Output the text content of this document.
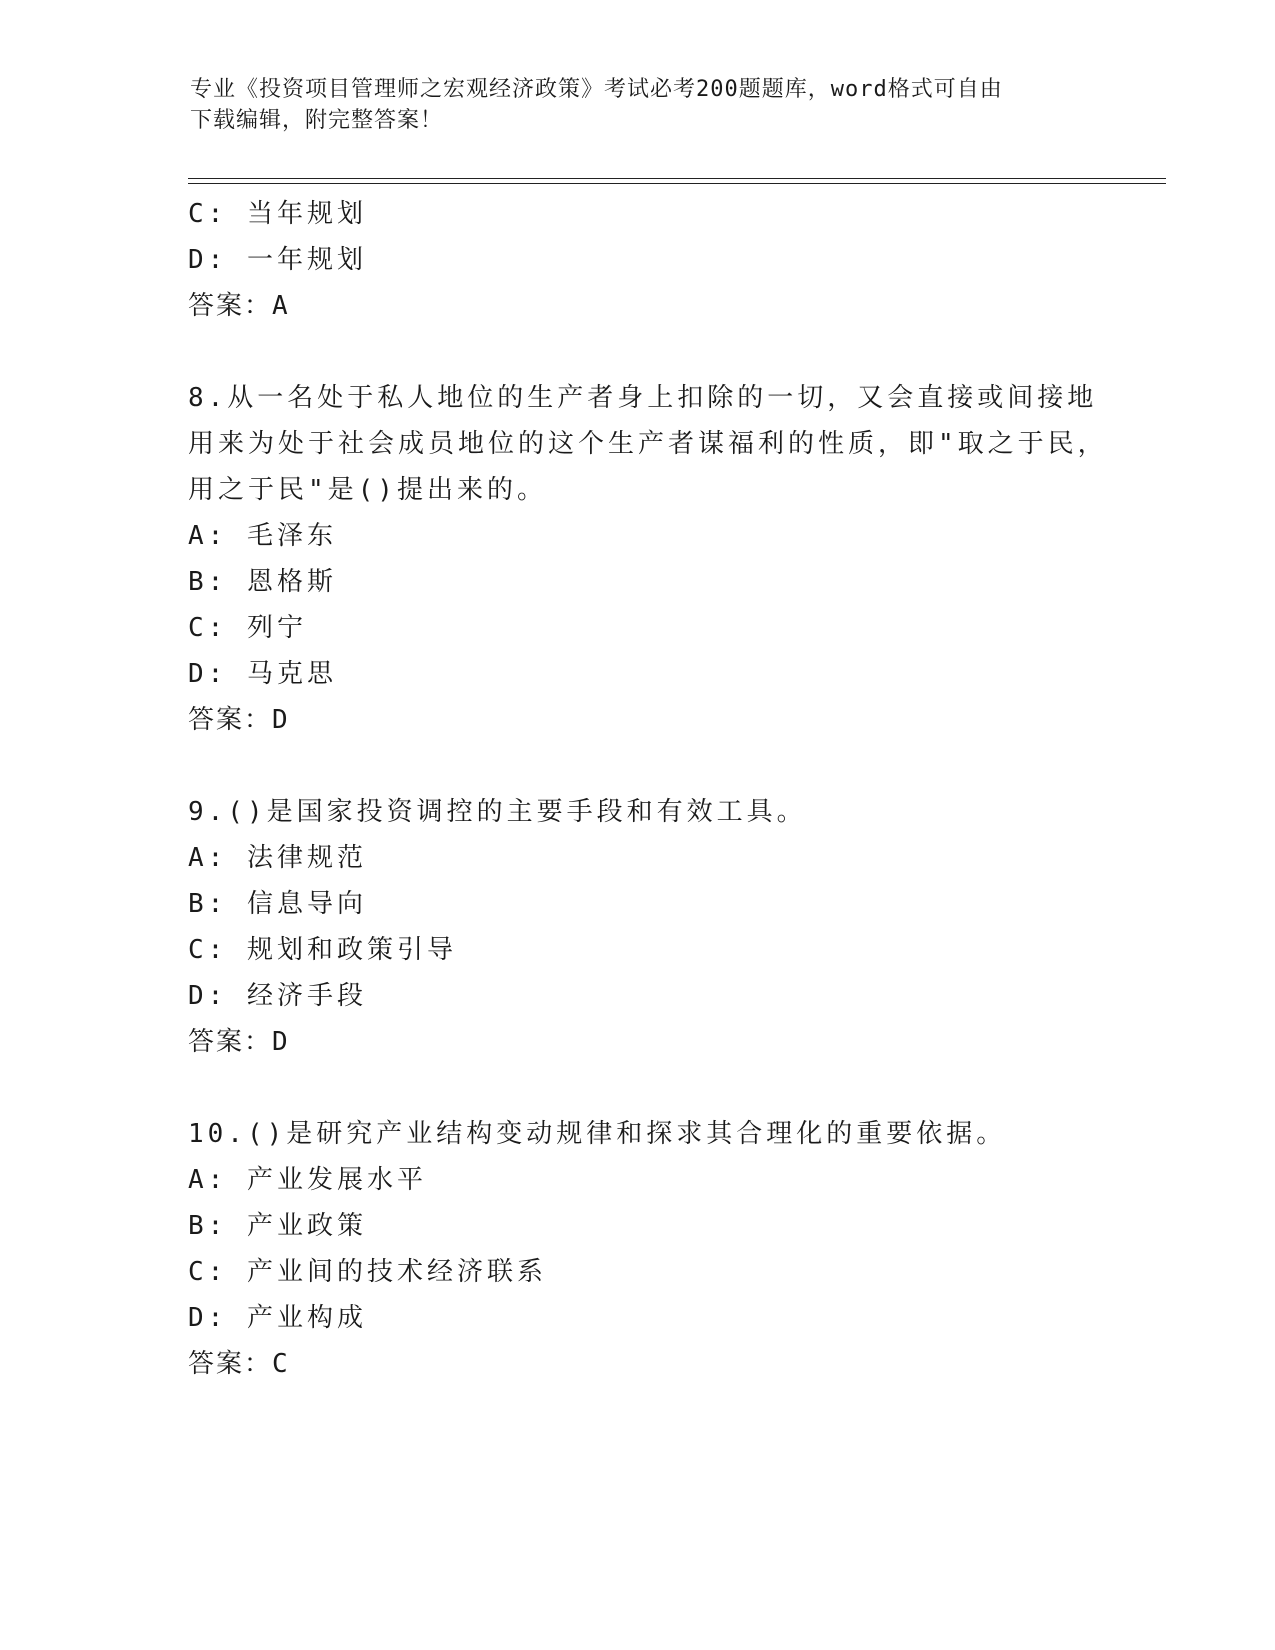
专业《投资项目管理师之宏观经济政策》考试必考200题题库，word格式可自由
下载编辑，附完整答案！
C: 当年规划
D: 一年规划
答案：A
8.从一名处于私人地位的生产者身上扣除的一切，又会直接或间接地
用来为处于社会成员地位的这个生产者谋福利的性质，即"取之于民，
用之于民"是()提出来的。
A: 毛泽东
B: 恩格斯
C: 列宁
D: 马克思
答案：D
9.()是国家投资调控的主要手段和有效工具。
A: 法律规范
B: 信息导向
C: 规划和政策引导
D: 经济手段
答案：D
10.()是研究产业结构变动规律和探求其合理化的重要依据。
A: 产业发展水平
B: 产业政策
C: 产业间的技术经济联系
D: 产业构成
答案：C
